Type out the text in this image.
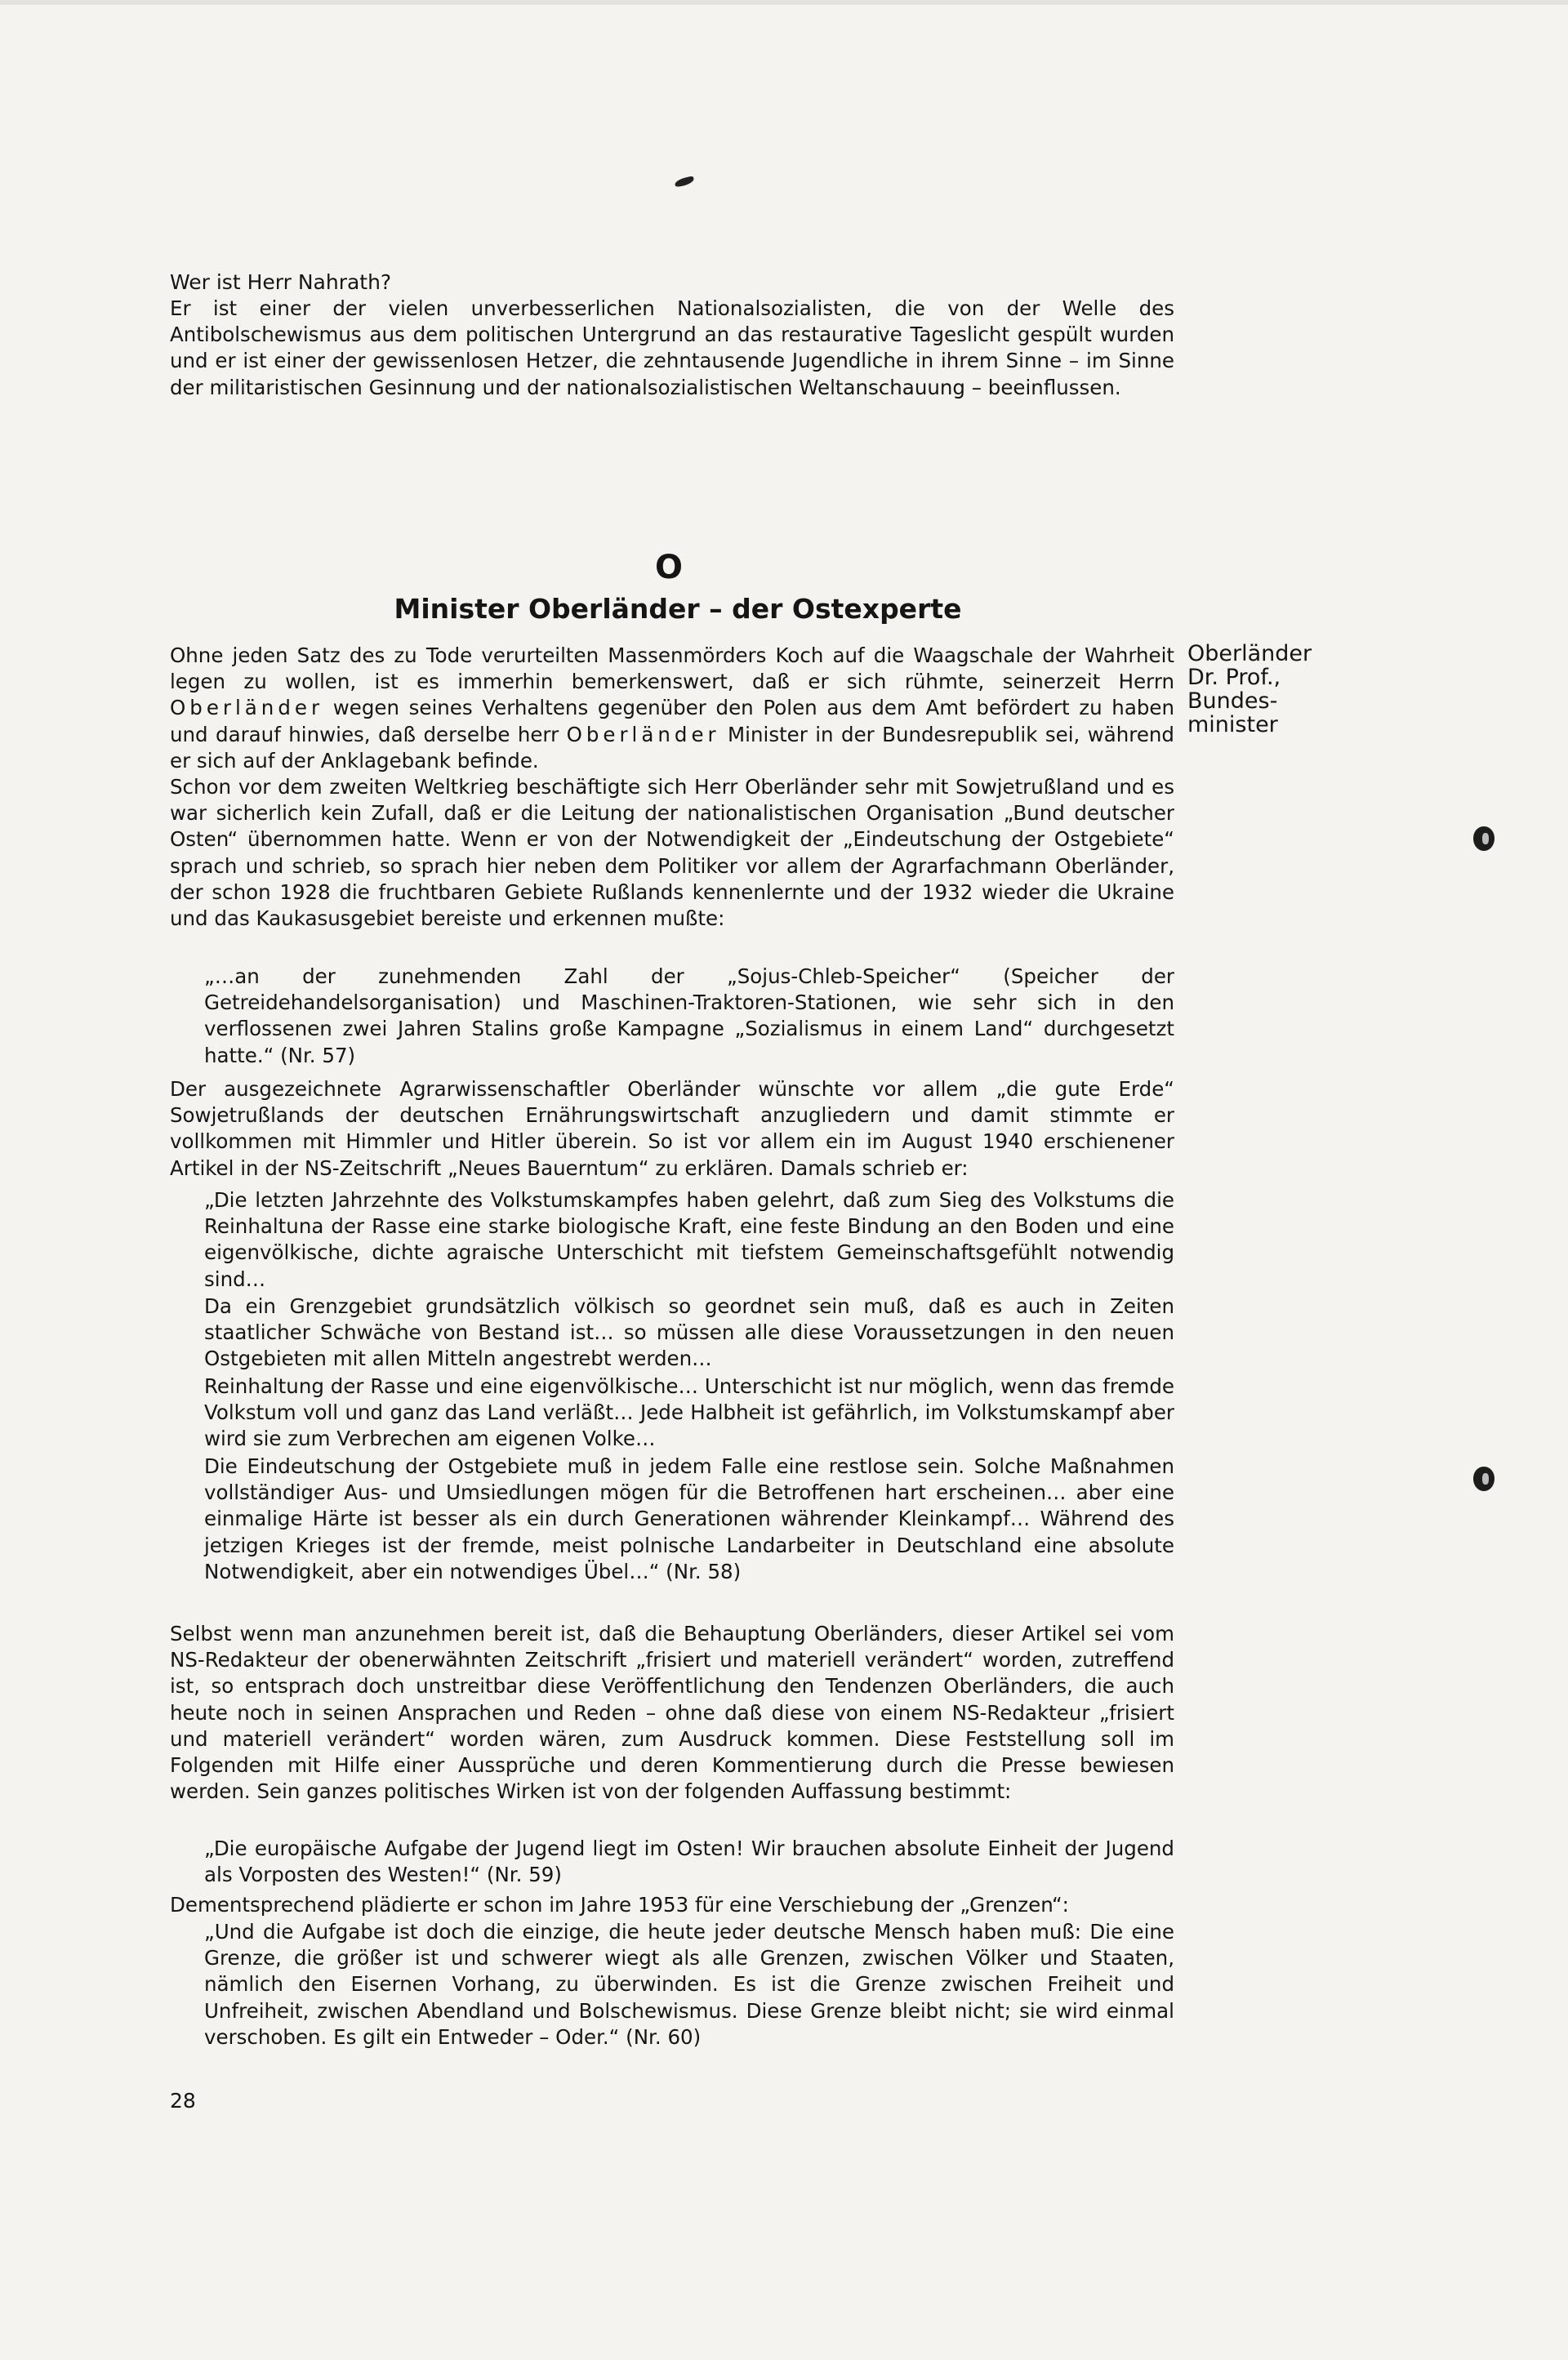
Wer ist Herr Nahrath?

Er ist einer der vielen unverbesserlichen Nationalsozialisten, die von der Welle des Antibolschewismus aus dem politischen Untergrund an das restaurative Tageslicht gespült wurden und er ist einer der gewissenlosen Hetzer, die zehntausende Jugendliche in ihrem Sinne – im Sinne der militaristischen Gesinnung und der nationalsozialistischen Weltanschauung – beeinflussen.

O
Minister Oberländer – der Ostexperte
Oberländer
Dr. Prof.,
Bundes-
minister

Ohne jeden Satz des zu Tode verurteilten Massenmörders Koch auf die Waagschale der Wahrheit legen zu wollen, ist es immerhin bemerkenswert, daß er sich rühmte, seinerzeit Herrn Oberländer wegen seines Verhaltens gegenüber den Polen aus dem Amt befördert zu haben und darauf hinwies, daß derselbe herr Oberländer Minister in der Bundesrepublik sei, während er sich auf der Anklagebank befinde.

Schon vor dem zweiten Weltkrieg beschäftigte sich Herr Oberländer sehr mit Sowjetrußland und es war sicherlich kein Zufall, daß er die Leitung der nationalistischen Organisation „Bund deutscher Osten“ übernommen hatte. Wenn er von der Notwendigkeit der „Eindeutschung der Ostgebiete“ sprach und schrieb, so sprach hier neben dem Politiker vor allem der Agrarfachmann Oberländer, der schon 1928 die fruchtbaren Gebiete Rußlands kennenlernte und der 1932 wieder die Ukraine und das Kaukasusgebiet bereiste und erkennen mußte:

„…an der zunehmenden Zahl der „Sojus-Chleb-Speicher“ (Speicher der Getreidehandelsorganisation) und Maschinen-Traktoren-Stationen, wie sehr sich in den verflossenen zwei Jahren Stalins große Kampagne „Sozialismus in einem Land“ durchgesetzt hatte.“ (Nr. 57)

Der ausgezeichnete Agrarwissenschaftler Oberländer wünschte vor allem „die gute Erde“ Sowjetrußlands der deutschen Ernährungswirtschaft anzugliedern und damit stimmte er vollkommen mit Himmler und Hitler überein. So ist vor allem ein im August 1940 erschienener Artikel in der NS-Zeitschrift „Neues Bauerntum“ zu erklären. Damals schrieb er:

„Die letzten Jahrzehnte des Volkstumskampfes haben gelehrt, daß zum Sieg des Volkstums die Reinhaltuna der Rasse eine starke biologische Kraft, eine feste Bindung an den Boden und eine eigenvölkische, dichte agraische Unterschicht mit tiefstem Gemeinschaftsgefühlt notwendig sind…

Da ein Grenzgebiet grundsätzlich völkisch so geordnet sein muß, daß es auch in Zeiten staatlicher Schwäche von Bestand ist… so müssen alle diese Voraussetzungen in den neuen Ostgebieten mit allen Mitteln angestrebt werden…

Reinhaltung der Rasse und eine eigenvölkische… Unterschicht ist nur möglich, wenn das fremde Volkstum voll und ganz das Land verläßt… Jede Halbheit ist gefährlich, im Volkstumskampf aber wird sie zum Verbrechen am eigenen Volke…

Die Eindeutschung der Ostgebiete muß in jedem Falle eine restlose sein. Solche Maßnahmen vollständiger Aus- und Umsiedlungen mögen für die Betroffenen hart erscheinen… aber eine einmalige Härte ist besser als ein durch Generationen währender Kleinkampf… Während des jetzigen Krieges ist der fremde, meist polnische Landarbeiter in Deutschland eine absolute Notwendigkeit, aber ein notwendiges Übel…“ (Nr. 58)

Selbst wenn man anzunehmen bereit ist, daß die Behauptung Oberländers, dieser Artikel sei vom NS-Redakteur der obenerwähnten Zeitschrift „frisiert und materiell verändert“ worden, zutreffend ist, so entsprach doch unstreitbar diese Veröffentlichung den Tendenzen Oberländers, die auch heute noch in seinen Ansprachen und Reden – ohne daß diese von einem NS-Redakteur „frisiert und materiell verändert“ worden wären, zum Ausdruck kommen. Diese Feststellung soll im Folgenden mit Hilfe einer Aussprüche und deren Kommentierung durch die Presse bewiesen werden. Sein ganzes politisches Wirken ist von der folgenden Auffassung bestimmt:

„Die europäische Aufgabe der Jugend liegt im Osten! Wir brauchen absolute Einheit der Jugend als Vorposten des Westen!“ (Nr. 59)

Dementsprechend plädierte er schon im Jahre 1953 für eine Verschiebung der „Grenzen“:

„Und die Aufgabe ist doch die einzige, die heute jeder deutsche Mensch haben muß: Die eine Grenze, die größer ist und schwerer wiegt als alle Grenzen, zwischen Völker und Staaten, nämlich den Eisernen Vorhang, zu überwinden. Es ist die Grenze zwischen Freiheit und Unfreiheit, zwischen Abendland und Bolschewismus. Diese Grenze bleibt nicht; sie wird einmal verschoben. Es gilt ein Entweder – Oder.“ (Nr. 60)

28
